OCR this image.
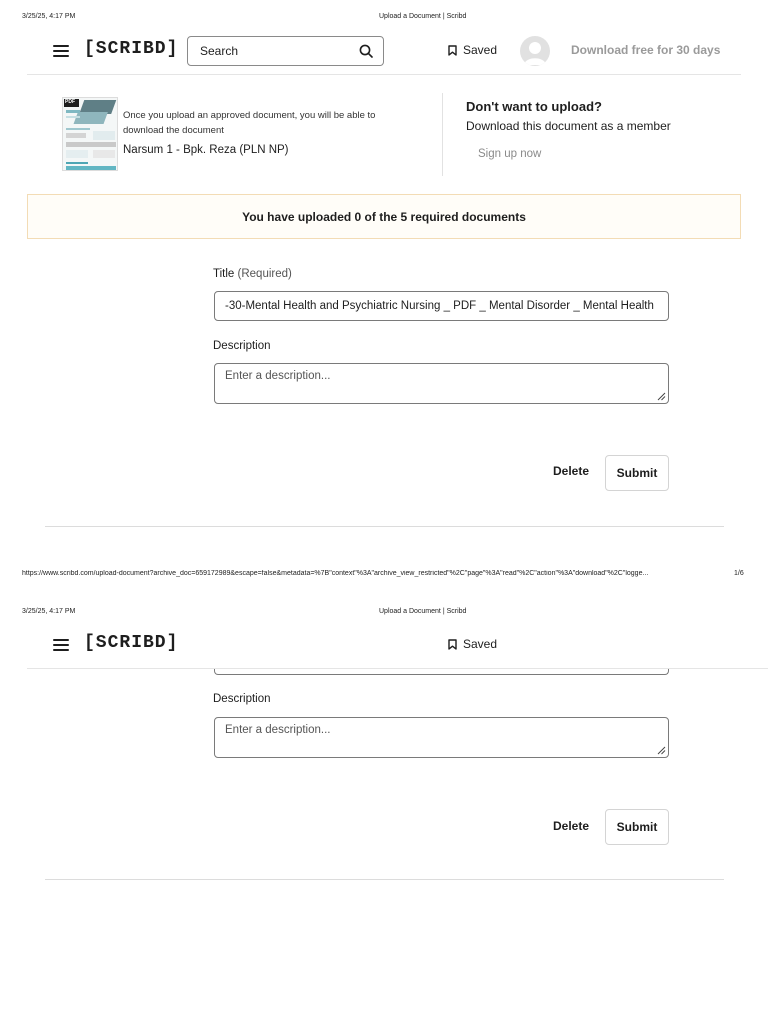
3/25/25, 4:17 PM	Upload a Document | Scribd
[SCRIBD]
Search	Saved	Download free for 30 days
PDF
Once you upload an approved document, you will be able to download the document
Narsum 1 - Bpk. Reza (PLN NP)
Don't want to upload?
Download this document as a member
Sign up now
You have uploaded 0 of the 5 required documents
Title (Required)
-30-Mental Health and Psychiatric Nursing _ PDF _ Mental Disorder _ Mental Health
Description
Enter a description...
Delete	Submit
https://www.scribd.com/upload-document?archive_doc=659172989&escape=false&metadata=%7B"context"%3A"archive_view_restricted"%2C"page"%3A"read"%2C"action"%3A"download"%2C"logge...	1/6
3/25/25, 4:17 PM	Upload a Document | Scribd
[SCRIBD]	Saved
Description
Enter a description...
Delete	Submit
